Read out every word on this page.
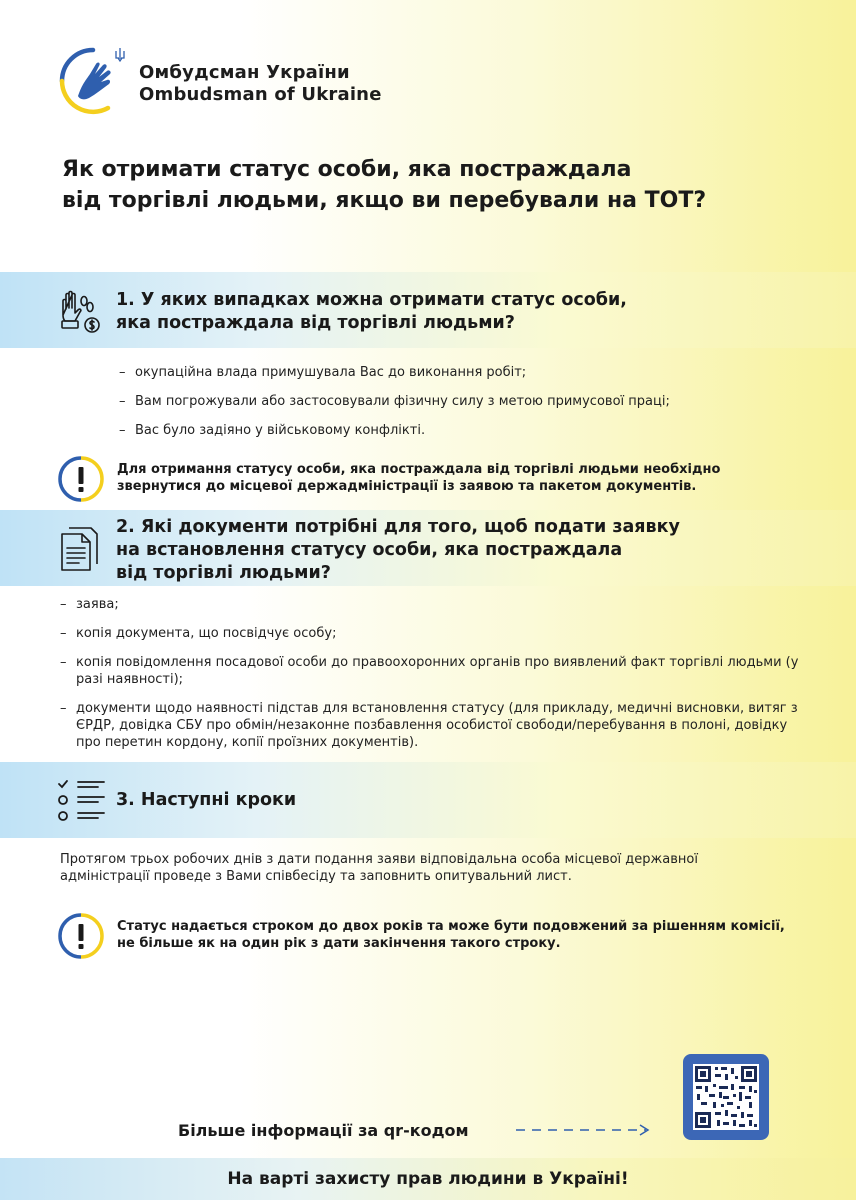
Омбудсман України
Ombudsman of Ukraine
Як отримати статус особи, яка постраждала
від торгівлі людьми, якщо ви перебували на ТОТ?
1. У яких випадках можна отримати статус особи,
яка постраждала від торгівлі людьми?
– окупаційна влада примушувала Вас до виконання робіт;
– Вам погрожували або застосовували фізичну силу з метою примусової праці;
– Вас було задіяно у військовому конфлікті.

Для отримання статусу особи, яка постраждала від торгівлі людьми необхідно звернутися до місцевої держадміністрації із заявою та пакетом документів.

2. Які документи потрібні для того, щоб подати заявку
на встановлення статусу особи, яка постраждала
від торгівлі людьми?
– заява;
– копія документа, що посвідчує особу;
– копія повідомлення посадової особи до правоохоронних органів про виявлений факт торгівлі людьми (у разі наявності);
– документи щодо наявності підстав для встановлення статусу (для прикладу, медичні висновки, витяг з ЄРДР, довідка СБУ про обмін/незаконне позбавлення особистої свободи/перебування в полоні, довідку про перетин кордону, копії проїзних документів).
3. Наступні кроки

Протягом трьох робочих днів з дати подання заяви відповідальна особа місцевої державної адміністрації проведе з Вами співбесіду та заповнить опитувальний лист.

Статус надається строком до двох років та може бути подовжений за рішенням комісії, не більше як на один рік з дати закінчення такого строку.

Більше інформації за qr-кодом
На варті захисту прав людини в Україні!
